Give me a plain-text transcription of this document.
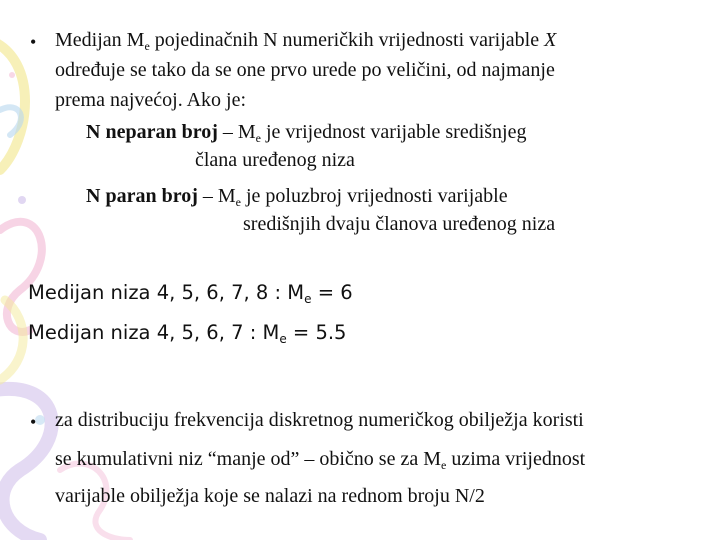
• Medijan $M_e$ pojedinačnih N numeričkih vrijednosti varijable X
određuje se tako da se one prvo urede po veličini, od najmanje
prema najvećoj. Ako je:
N neparan broj – $M_e$ je vrijednost varijable središnjeg
člana uređenog niza
N paran broj – $M_e$ je poluzbroj vrijednosti varijable
središnjih dvaju članova uređenog niza
Medijan niza 4, 5, 6, 7, 8 : $M_e = 6$
Medijan niza 4, 5, 6, 7 : $M_e = 5.5$
• za distribuciju frekvencija diskretnog numeričkog obilježja koristi
se kumulativni niz “manje od” – obično se za $M_e$ uzima vrijednost
varijable obilježja koje se nalazi na rednom broju N/2
